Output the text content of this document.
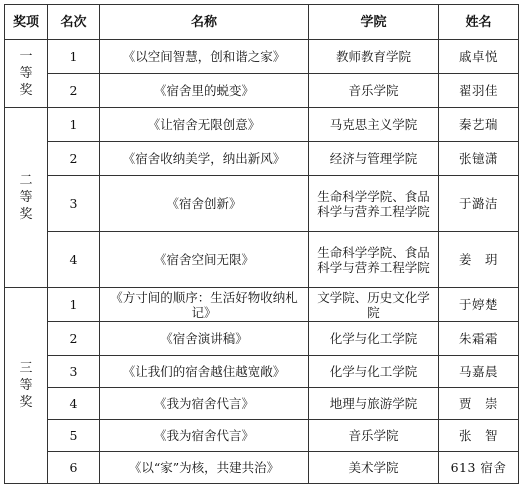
奖项	名次	名称	学院	姓名
一等奖	1	《以空间智慧，创和谐之家》	教师教育学院	戚卓悦
	2	《宿舍里的蜕变》	音乐学院	翟羽佳
二等奖	1	《让宿舍无限创意》	马克思主义学院	秦艺瑞
	2	《宿舍收纳美学，纳出新风》	经济与管理学院	张镱潇
	3	《宿舍创新》	生命科学学院、食品科学与营养工程学院	于潞洁
	4	《宿舍空间无限》	生命科学学院、食品科学与营养工程学院	姜　玥
三等奖	1	《方寸间的顺序：生活好物收纳札记》	文学院、历史文化学院	于婷楚
	2	《宿舍演讲稿》	化学与化工学院	朱霜霜
	3	《让我们的宿舍越住越宽敞》	化学与化工学院	马嘉晨
	4	《我为宿舍代言》	地理与旅游学院	贾　崇
	5	《我为宿舍代言》	音乐学院	张　智
	6	《以“家”为核，共建共治》	美术学院	613 宿舍
